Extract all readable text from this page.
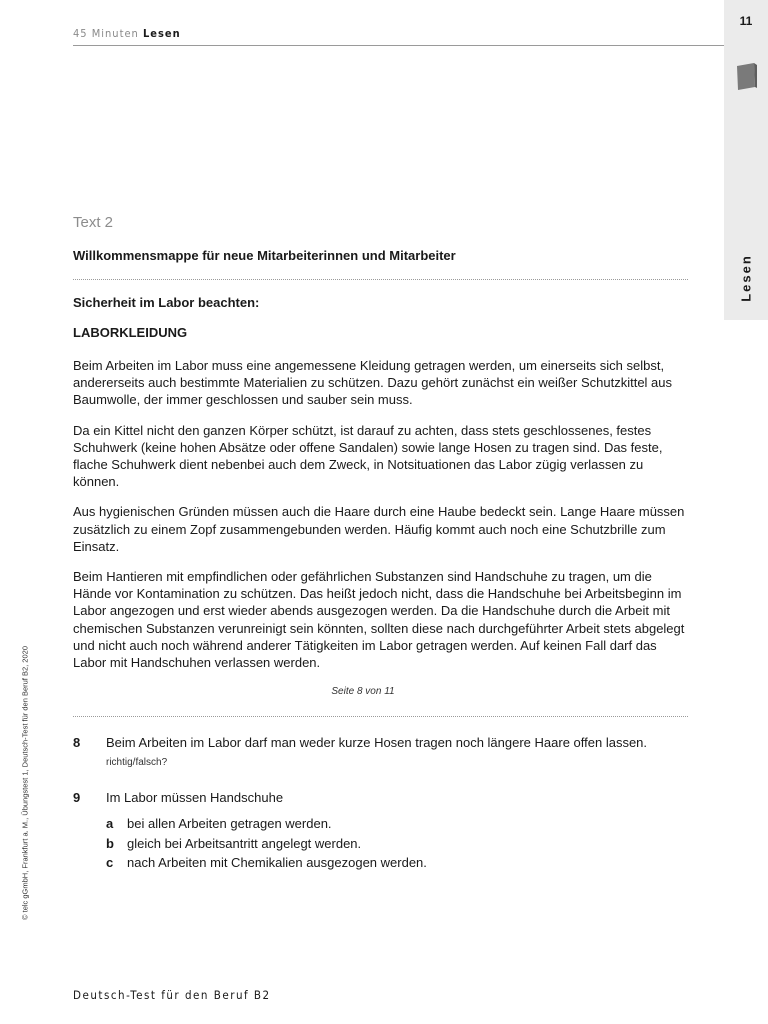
11
Lesen
45 Minuten Lesen
© telc gGmbH, Frankfurt a. M., Übungstest 1, Deutsch-Test für den Beruf B2, 2020
Text 2
Willkommensmappe für neue Mitarbeiterinnen und Mitarbeiter
Sicherheit im Labor beachten:
LABORKLEIDUNG

Beim Arbeiten im Labor muss eine angemessene Kleidung getragen werden, um einerseits sich selbst, andererseits auch bestimmte Materialien zu schützen. Dazu gehört zunächst ein weißer Schutzkittel aus Baumwolle, der immer geschlossen und sauber sein muss.

Da ein Kittel nicht den ganzen Körper schützt, ist darauf zu achten, dass stets geschlossenes, festes Schuhwerk (keine hohen Absätze oder offene Sandalen) sowie lange Hosen zu tragen sind. Das feste, flache Schuhwerk dient nebenbei auch dem Zweck, in Notsituationen das Labor zügig verlassen zu können.

Aus hygienischen Gründen müssen auch die Haare durch eine Haube bedeckt sein. Lange Haare müssen zusätzlich zu einem Zopf zusammengebunden werden. Häufig kommt auch noch eine Schutzbrille zum Einsatz.

Beim Hantieren mit empfindlichen oder gefährlichen Substanzen sind Handschuhe zu tragen, um die Hände vor Kontamination zu schützen. Das heißt jedoch nicht, dass die Handschuhe bei Arbeitsbeginn im Labor angezogen und erst wieder abends ausgezogen werden. Da die Handschuhe durch die Arbeit mit chemischen Substanzen verunreinigt sein könnten, sollten diese nach durchgeführter Arbeit stets abgelegt und nicht auch noch während anderer Tätigkeiten im Labor getragen werden. Auf keinen Fall darf das Labor mit Handschuhen verlassen werden.

Seite 8 von 11
8 Beim Arbeiten im Labor darf man weder kurze Hosen tragen noch längere Haare offen lassen.
richtig/falsch?
9 Im Labor müssen Handschuhe
a bei allen Arbeiten getragen werden.
b gleich bei Arbeitsantritt angelegt werden.
c nach Arbeiten mit Chemikalien ausgezogen werden.
Deutsch-Test für den Beruf B2
